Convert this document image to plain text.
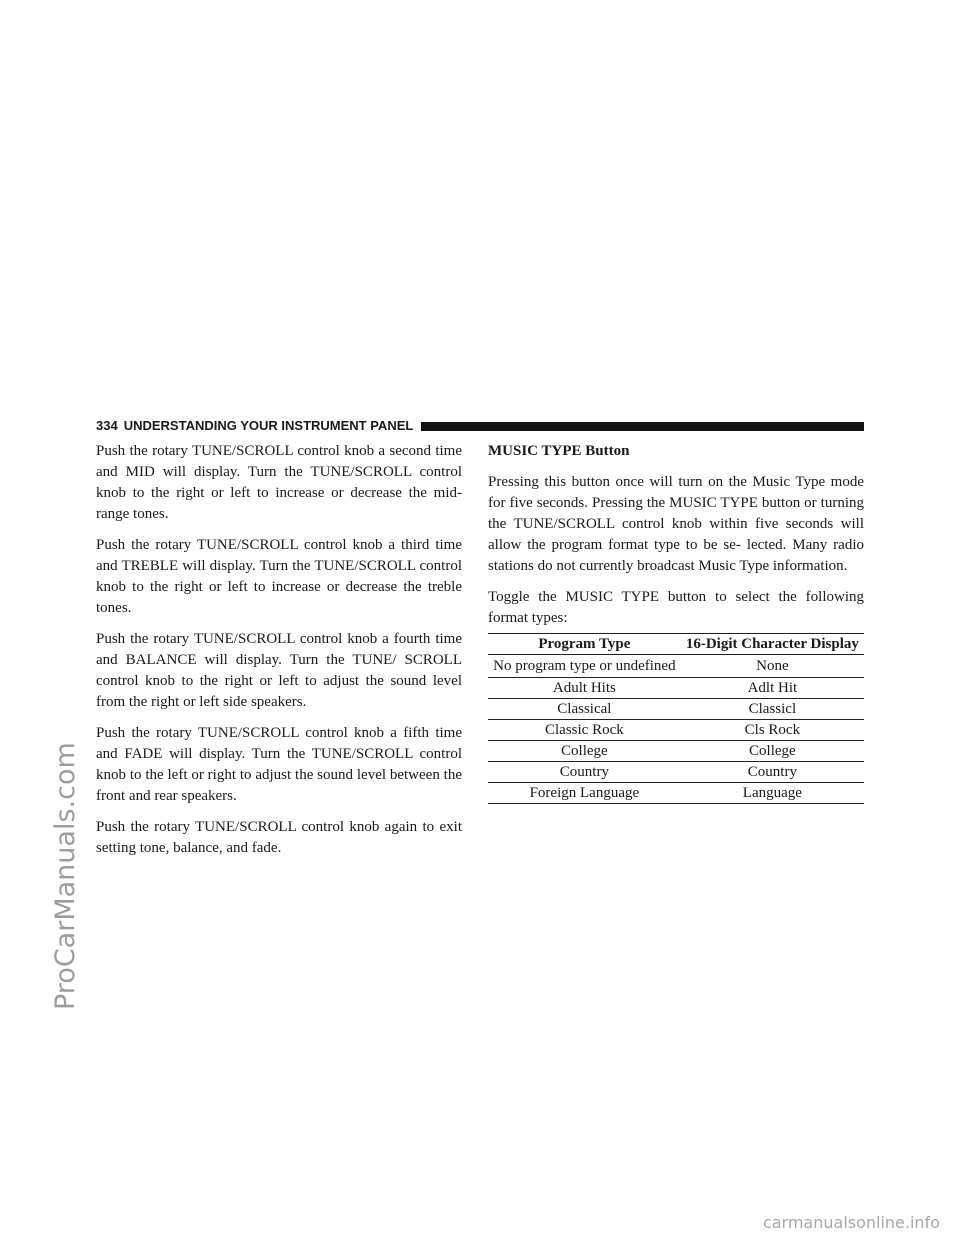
ProCarManuals.com
carmanualsonline.info
334 UNDERSTANDING YOUR INSTRUMENT PANEL

Push the rotary TUNE/SCROLL control knob a second time and MID will display. Turn the TUNE/SCROLL control knob to the right or left to increase or decrease the mid-range tones.

Push the rotary TUNE/SCROLL control knob a third time and TREBLE will display. Turn the TUNE/SCROLL control knob to the right or left to increase or decrease the treble tones.

Push the rotary TUNE/SCROLL control knob a fourth time and BALANCE will display. Turn the TUNE/ SCROLL control knob to the right or left to adjust the sound level from the right or left side speakers.

Push the rotary TUNE/SCROLL control knob a fifth time and FADE will display. Turn the TUNE/SCROLL control knob to the left or right to adjust the sound level between the front and rear speakers.

Push the rotary TUNE/SCROLL control knob again to exit setting tone, balance, and fade.

MUSIC TYPE Button

Pressing this button once will turn on the Music Type mode for five seconds. Pressing the MUSIC TYPE button or turning the TUNE/SCROLL control knob within five seconds will allow the program format type to be se- lected. Many radio stations do not currently broadcast Music Type information.

Toggle the MUSIC TYPE button to select the following format types:

Program Type	16-Digit Character Display
No program type or undefined	None
Adult Hits	Adlt Hit
Classical	Classicl
Classic Rock	Cls Rock
College	College
Country	Country
Foreign Language	Language
